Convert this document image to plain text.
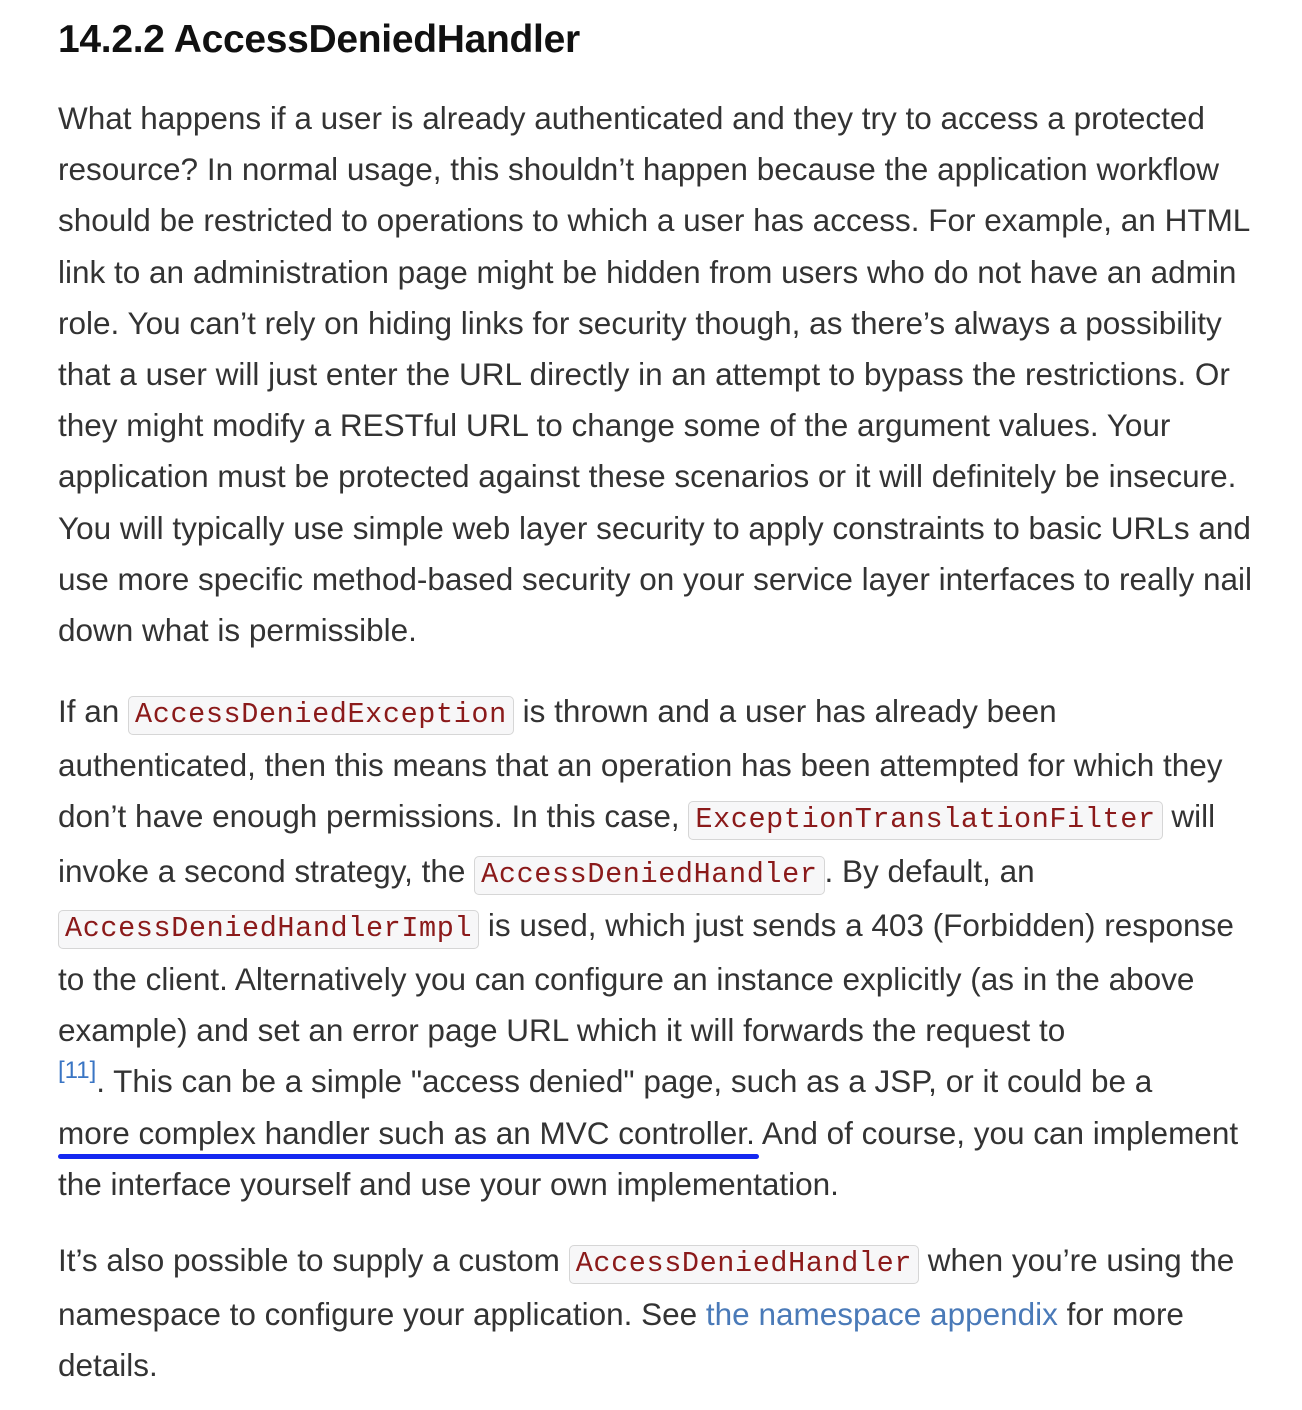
14.2.2 AccessDeniedHandler

What happens if a user is already authenticated and they try to access a protected resource? In normal usage, this shouldn’t happen because the application workflow should be restricted to operations to which a user has access. For example, an HTML link to an administration page might be hidden from users who do not have an admin role. You can’t rely on hiding links for security though, as there’s always a possibility that a user will just enter the URL directly in an attempt to bypass the restrictions. Or they might modify a RESTful URL to change some of the argument values. Your application must be protected against these scenarios or it will definitely be insecure. You will typically use simple web layer security to apply constraints to basic URLs and use more specific method-based security on your service layer interfaces to really nail down what is permissible.

If an AccessDeniedException is thrown and a user has already been authenticated, then this means that an operation has been attempted for which they don’t have enough permissions. In this case, ExceptionTranslationFilter will invoke a second strategy, the AccessDeniedHandler . By default, an
AccessDeniedHandlerImpl is used, which just sends a 403 (Forbidden) response to the client. Alternatively you can configure an instance explicitly (as in the above example) and set an error page URL which it will forwards the request to
[11]. This can be a simple "access denied" page, such as a JSP, or it could be a
more complex handler such as an MVC controller.
And of course, you can implement the interface yourself and use your own implementation.

It’s also possible to supply a custom AccessDeniedHandler when you’re using the namespace to configure your application. See the namespace appendix for more details.
